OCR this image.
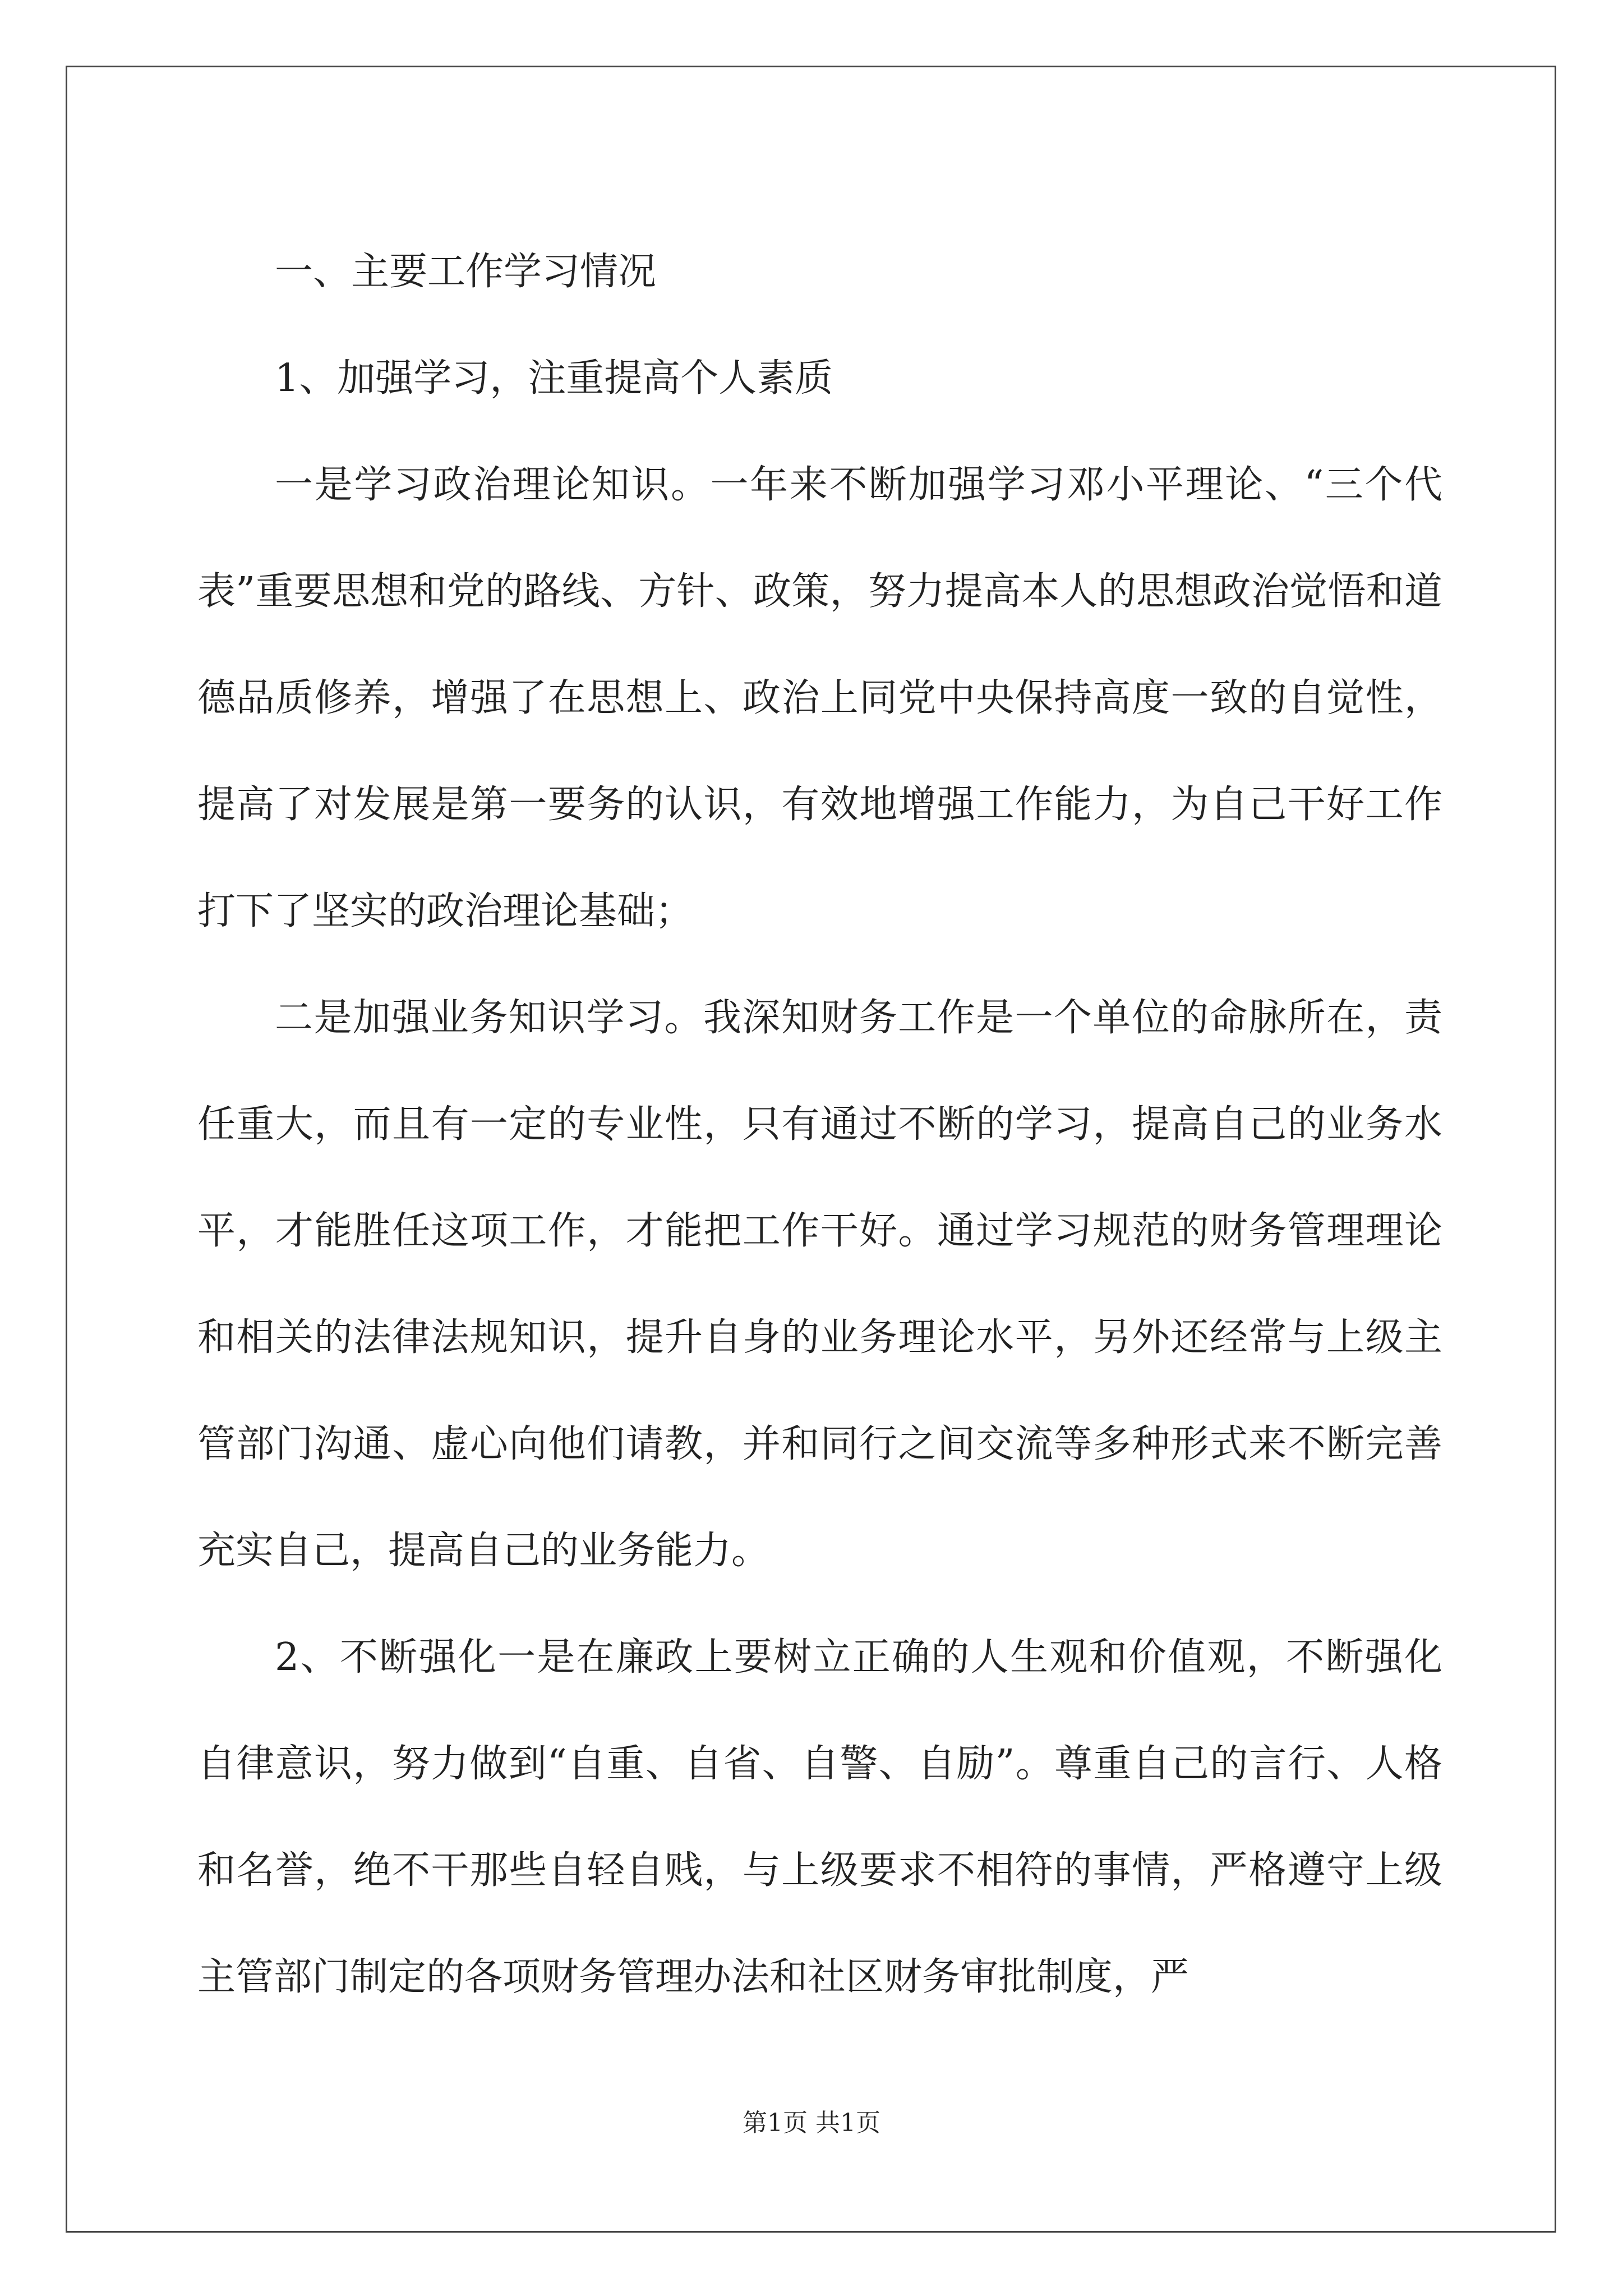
一、主要工作学习情况
1、加强学习，注重提高个人素质

一是学习政治理论知识。一年来不断加强学习邓小平理论、“三个代表”重要思想和党的路线、方针、政策，努力提高本人的思想政治觉悟和道德品质修养，增强了在思想上、政治上同党中央保持高度一致的自觉性，提高了对发展是第一要务的认识，有效地增强工作能力，为自己干好工作打下了坚实的政治理论基础；

二是加强业务知识学习。我深知财务工作是一个单位的命脉所在，责任重大，而且有一定的专业性，只有通过不断的学习，提高自己的业务水平，才能胜任这项工作，才能把工作干好。通过学习规范的财务管理理论和相关的法律法规知识，提升自身的业务理论水平，另外还经常与上级主管部门沟通、虚心向他们请教，并和同行之间交流等多种形式来不断完善充实自己，提高自己的业务能力。

2、不断强化一是在廉政上要树立正确的人生观和价值观，不断强化自律意识，努力做到“自重、自省、自警、自励”。尊重自己的言行、人格和名誉，绝不干那些自轻自贱，与上级要求不相符的事情，严格遵守上级主管部门制定的各项财务管理办法和社区财务审批制度，严

第1页 共1页
